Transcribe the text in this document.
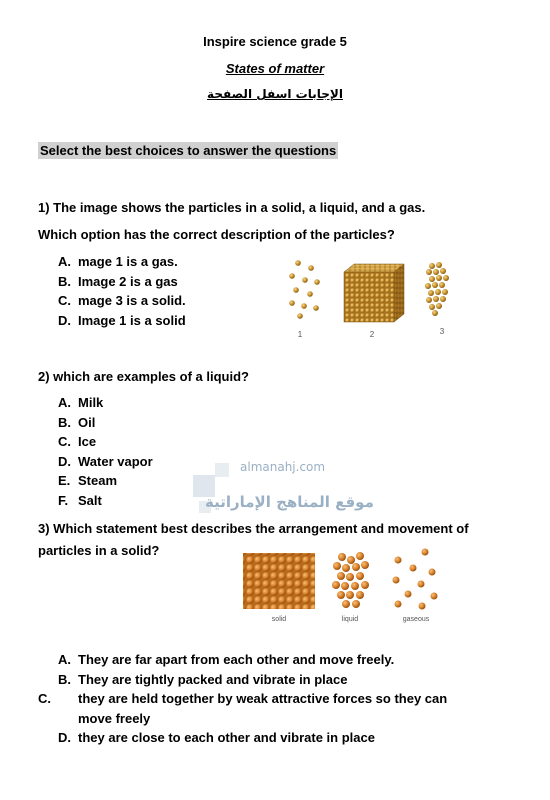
Inspire science grade 5
States of matter
الإجابات اسفل الصفحة
Select the best choices to answer the questions
1) The image shows the particles in a solid, a liquid, and a gas.
Which option has the correct description of the particles?
A. mage 1 is a gas.
B. Image 2 is a gas
C. mage 3 is a solid.
D. Image 1 is a solid
1	2	3
2) which are examples of a liquid?
A. Milk
B. Oil
C. Ice
D. Water vapor
E. Steam
F. Salt
almanahj.com
موقع المناهج الإماراتية
3) Which statement best describes the arrangement and movement of
particles in a solid?
solid	liquid	gaseous
A. They are far apart from each other and move freely.
B. They are tightly packed and vibrate in place
C. they are held together by weak attractive forces so they can move freely
D. they are close to each other and vibrate in place
